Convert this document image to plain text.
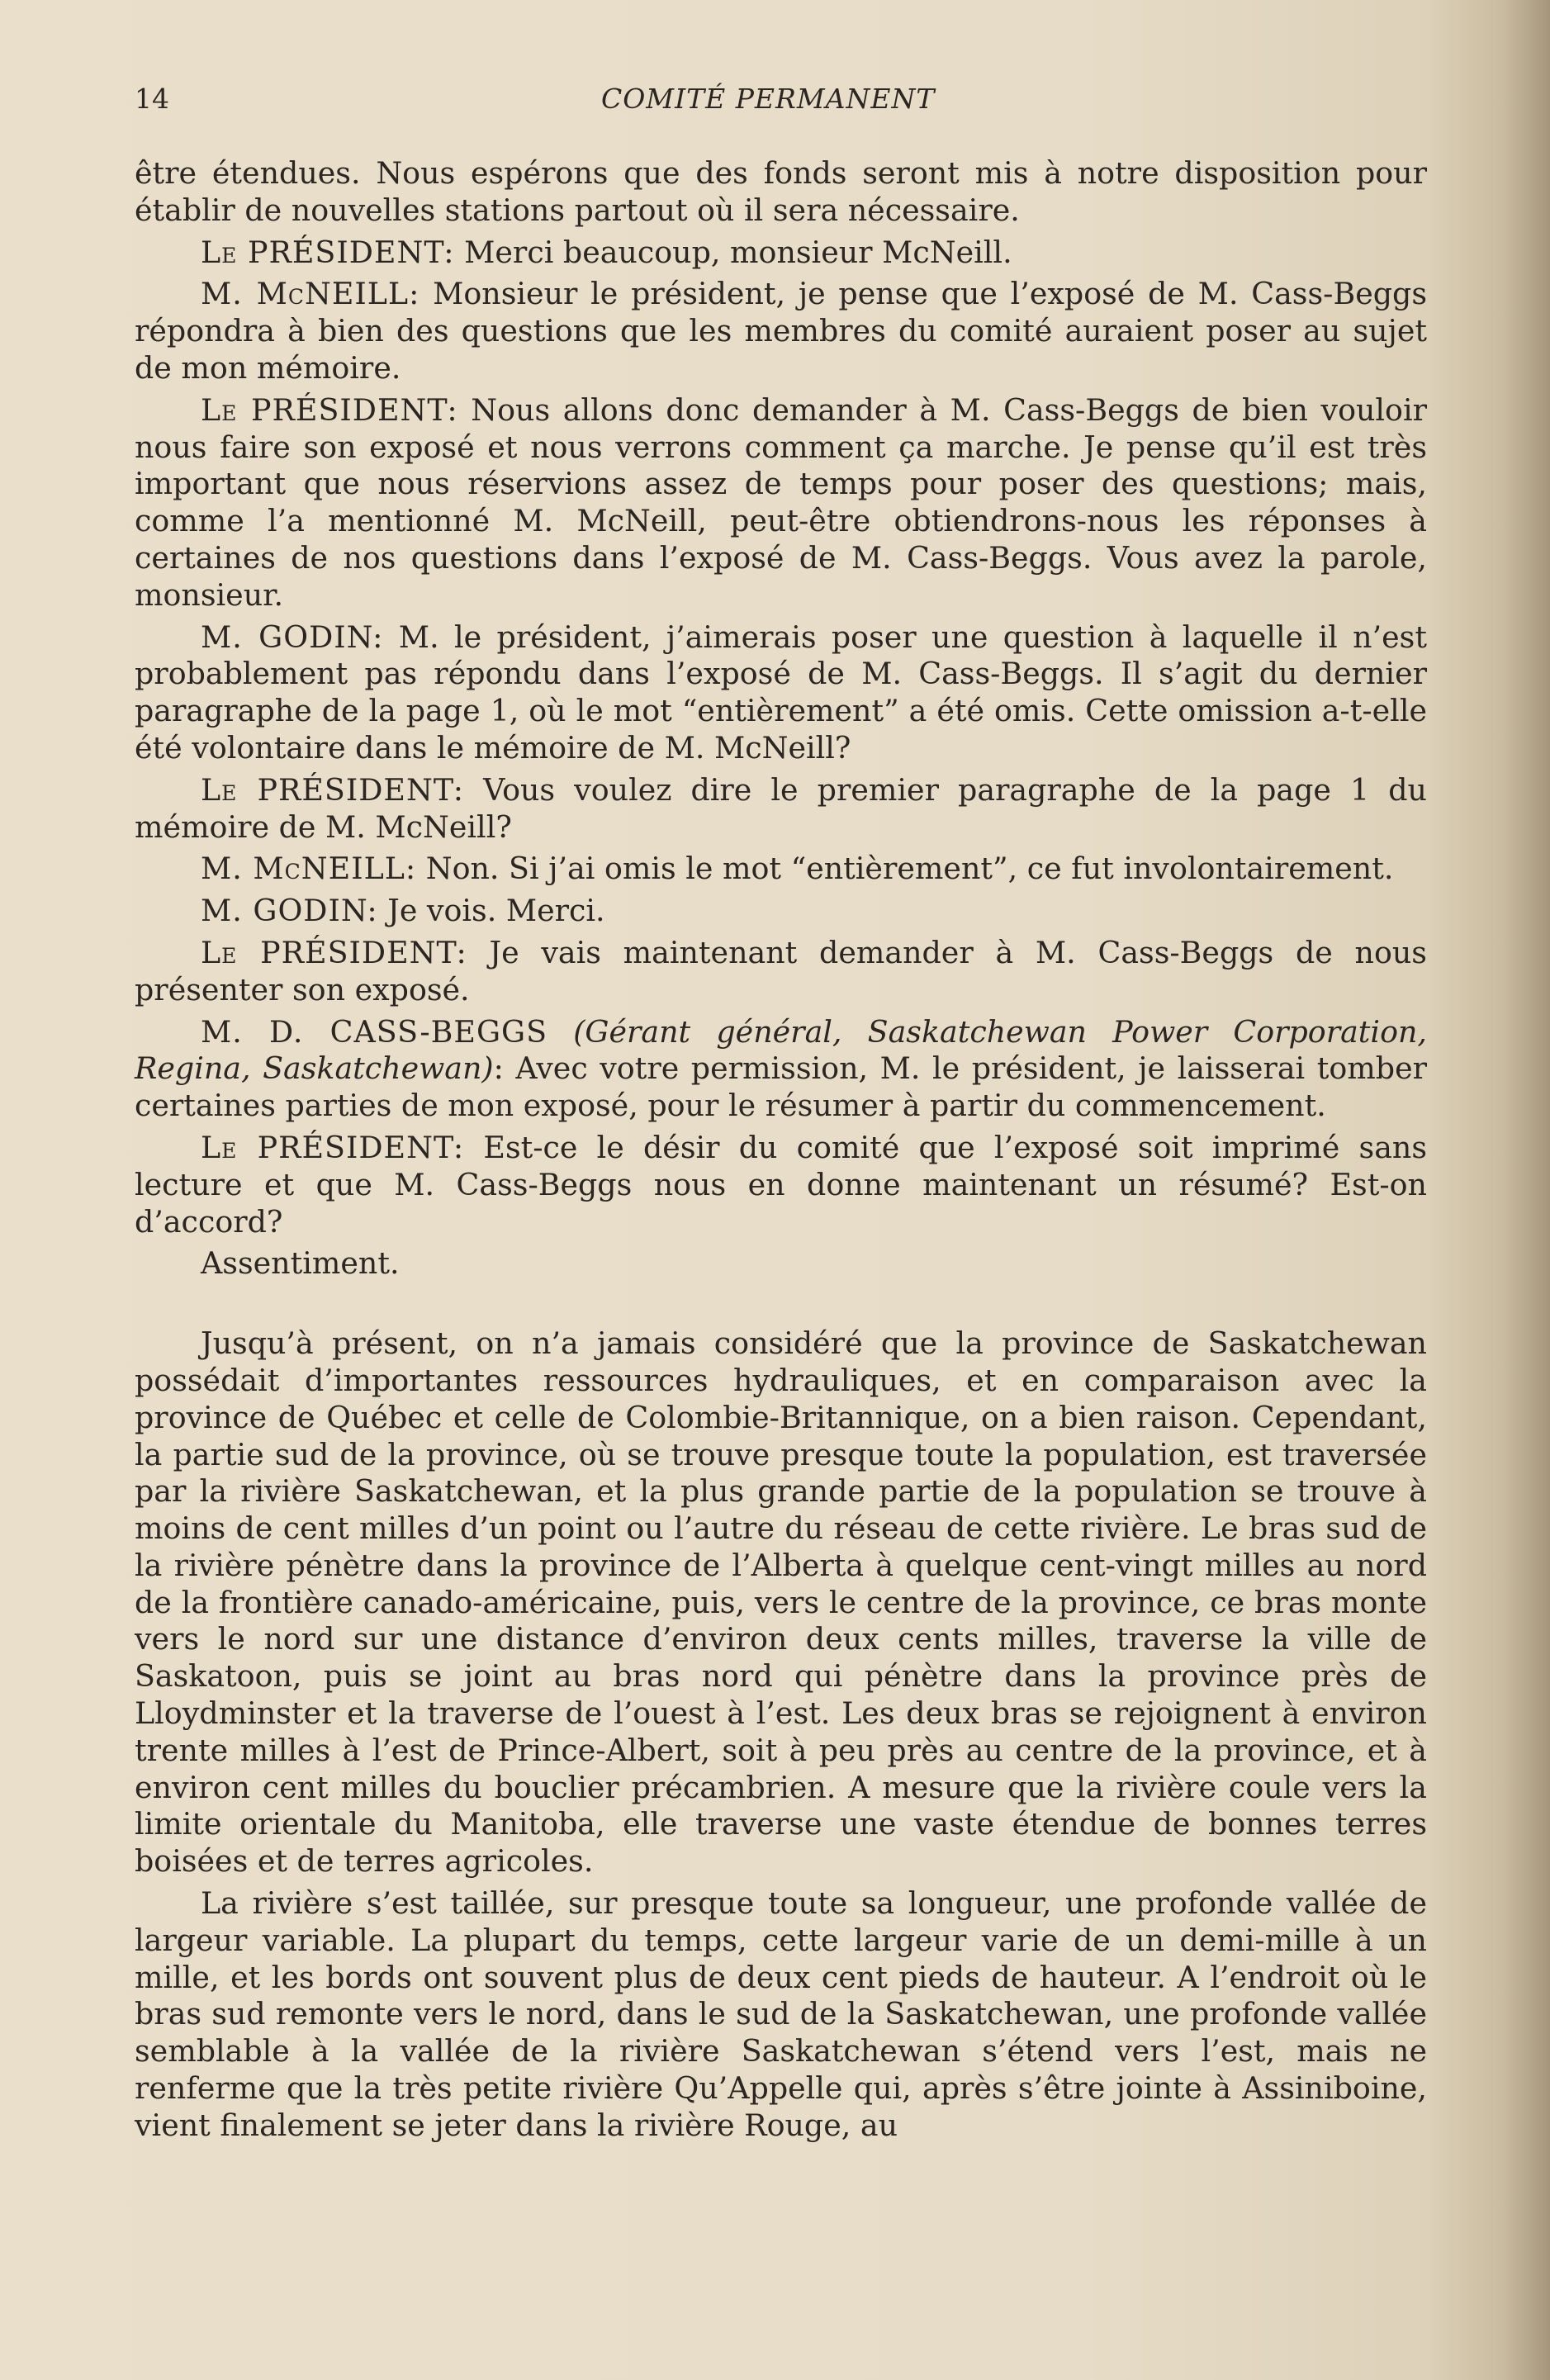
14	COMITÉ PERMANENT

être étendues. Nous espérons que des fonds seront mis à notre disposition pour établir de nouvelles stations partout où il sera nécessaire.

Le PRÉSIDENT: Merci beaucoup, monsieur McNeill.

M. McNEILL: Monsieur le président, je pense que l’exposé de M. Cass-Beggs répondra à bien des questions que les membres du comité auraient poser au sujet de mon mémoire.

Le PRÉSIDENT: Nous allons donc demander à M. Cass-Beggs de bien vouloir nous faire son exposé et nous verrons comment ça marche. Je pense qu’il est très important que nous réservions assez de temps pour poser des questions; mais, comme l’a mentionné M. McNeill, peut-être obtiendrons-nous les réponses à certaines de nos questions dans l’exposé de M. Cass-Beggs. Vous avez la parole, monsieur.

M. GODIN: M. le président, j’aimerais poser une question à laquelle il n’est probablement pas répondu dans l’exposé de M. Cass-Beggs. Il s’agit du dernier paragraphe de la page 1, où le mot “entièrement” a été omis. Cette omission a-t-elle été volontaire dans le mémoire de M. McNeill?

Le PRÉSIDENT: Vous voulez dire le premier paragraphe de la page 1 du mémoire de M. McNeill?

M. McNEILL: Non. Si j’ai omis le mot “entièrement”, ce fut involontairement.

M. GODIN: Je vois. Merci.

Le PRÉSIDENT: Je vais maintenant demander à M. Cass-Beggs de nous présenter son exposé.

M. D. CASS-BEGGS (Gérant général, Saskatchewan Power Corporation, Regina, Saskatchewan): Avec votre permission, M. le président, je laisserai tomber certaines parties de mon exposé, pour le résumer à partir du commencement.

Le PRÉSIDENT: Est-ce le désir du comité que l’exposé soit imprimé sans lecture et que M. Cass-Beggs nous en donne maintenant un résumé? Est-on d’accord?

Assentiment.

Jusqu’à présent, on n’a jamais considéré que la province de Saskatchewan possédait d’importantes ressources hydrauliques, et en comparaison avec la province de Québec et celle de Colombie-Britannique, on a bien raison. Cependant, la partie sud de la province, où se trouve presque toute la population, est traversée par la rivière Saskatchewan, et la plus grande partie de la population se trouve à moins de cent milles d’un point ou l’autre du réseau de cette rivière. Le bras sud de la rivière pénètre dans la province de l’Alberta à quelque cent-vingt milles au nord de la frontière canado-américaine, puis, vers le centre de la province, ce bras monte vers le nord sur une distance d’environ deux cents milles, traverse la ville de Saskatoon, puis se joint au bras nord qui pénètre dans la province près de Lloydminster et la traverse de l’ouest à l’est. Les deux bras se rejoignent à environ trente milles à l’est de Prince-Albert, soit à peu près au centre de la province, et à environ cent milles du bouclier précambrien. A mesure que la rivière coule vers la limite orientale du Manitoba, elle traverse une vaste étendue de bonnes terres boisées et de terres agricoles.

La rivière s’est taillée, sur presque toute sa longueur, une profonde vallée de largeur variable. La plupart du temps, cette largeur varie de un demi-mille à un mille, et les bords ont souvent plus de deux cent pieds de hauteur. A l’endroit où le bras sud remonte vers le nord, dans le sud de la Saskatchewan, une profonde vallée semblable à la vallée de la rivière Saskatchewan s’étend vers l’est, mais ne renferme que la très petite rivière Qu’Appelle qui, après s’être jointe à Assiniboine, vient finalement se jeter dans la rivière Rouge, au
